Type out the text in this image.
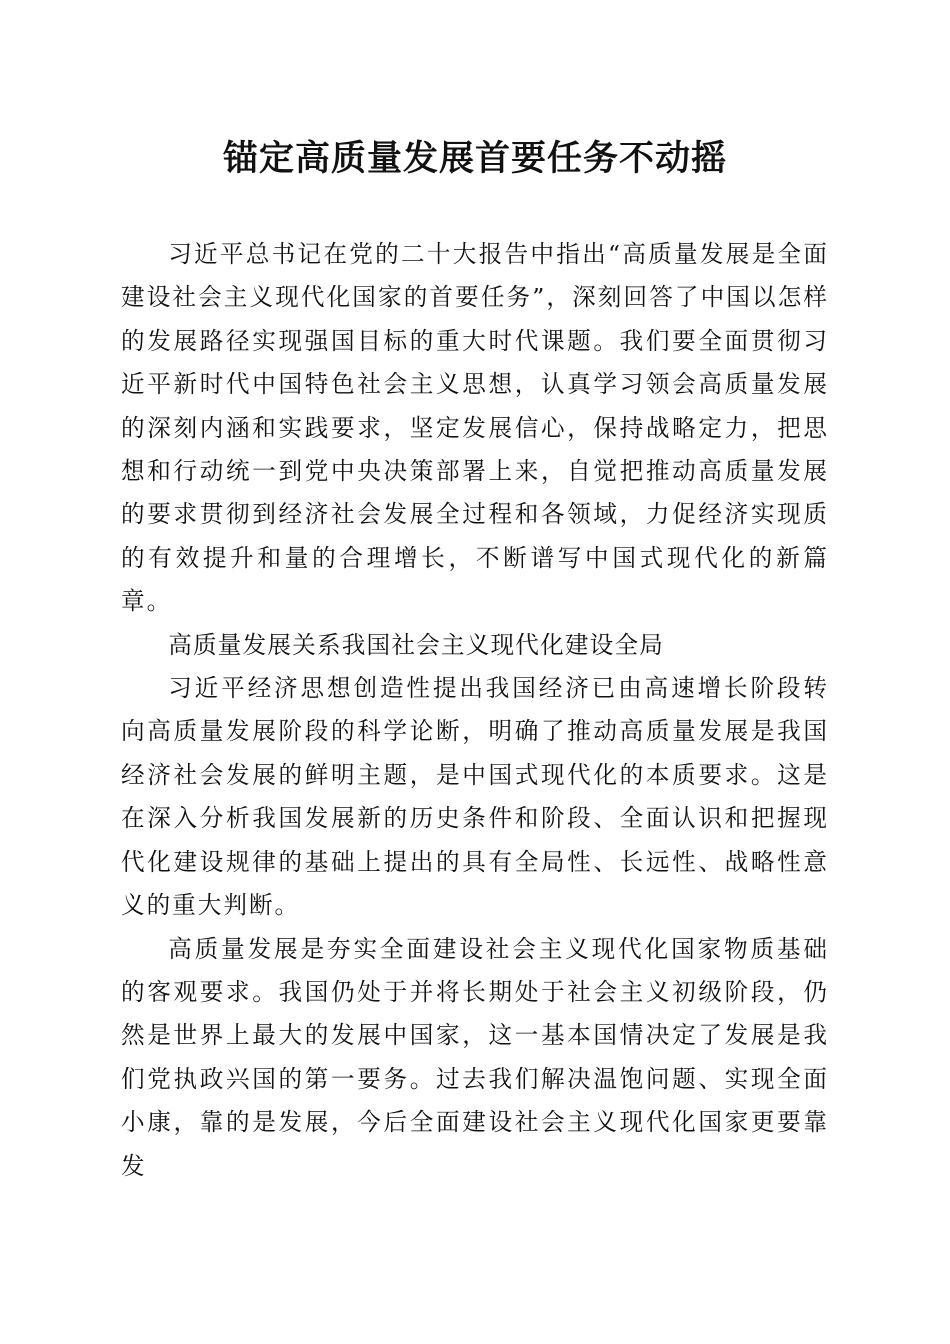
锚定高质量发展首要任务不动摇

习近平总书记在党的二十大报告中指出“高质量发展是全面建设社会主义现代化国家的首要任务”，深刻回答了中国以怎样的发展路径实现强国目标的重大时代课题。我们要全面贯彻习近平新时代中国特色社会主义思想，认真学习领会高质量发展的深刻内涵和实践要求，坚定发展信心，保持战略定力，把思想和行动统一到党中央决策部署上来，自觉把推动高质量发展的要求贯彻到经济社会发展全过程和各领域，力促经济实现质的有效提升和量的合理增长，不断谱写中国式现代化的新篇章。

高质量发展关系我国社会主义现代化建设全局

习近平经济思想创造性提出我国经济已由高速增长阶段转向高质量发展阶段的科学论断，明确了推动高质量发展是我国经济社会发展的鲜明主题，是中国式现代化的本质要求。这是在深入分析我国发展新的历史条件和阶段、全面认识和把握现代化建设规律的基础上提出的具有全局性、长远性、战略性意义的重大判断。

高质量发展是夯实全面建设社会主义现代化国家物质基础的客观要求。我国仍处于并将长期处于社会主义初级阶段，仍然是世界上最大的发展中国家，这一基本国情决定了发展是我们党执政兴国的第一要务。过去我们解决温饱问题、实现全面小康，靠的是发展，今后全面建设社会主义现代化国家更要靠发
